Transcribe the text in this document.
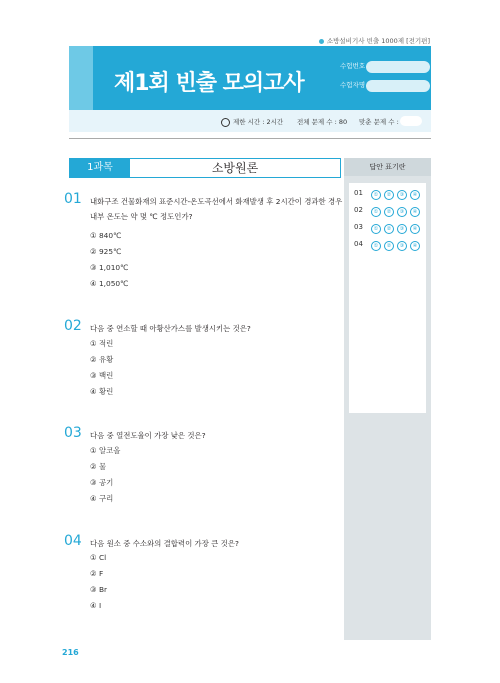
소방설비기사 빈출 1000제 [전기편]
제1회 빈출 모의고사
수험번호
수험자명
제한 시간 : 2시간 전체 문제 수 : 80 맞춘 문제 수 :
1과목	소방원론	답안 표기란
01	①	②	③	④
02	①	②	③	④
03	①	②	③	④
04	①	②	③	④
01 내화구조 건물화재의 표준시간-온도곡선에서 화재발생 후 2시간이 경과한 경우 내부 온도는 약 몇 ℃ 정도인가?
① 840℃
② 925℃
③ 1,010℃
④ 1,050℃
02 다음 중 연소할 때 아황산가스를 발생시키는 것은?
① 적린
② 유황
③ 백린
④ 황린
03 다음 중 열전도율이 가장 낮은 것은?
① 알코올
② 물
③ 공기
④ 구리
04 다음 원소 중 수소와의 결합력이 가장 큰 것은?
① Cl
② F
③ Br
④ I
216
